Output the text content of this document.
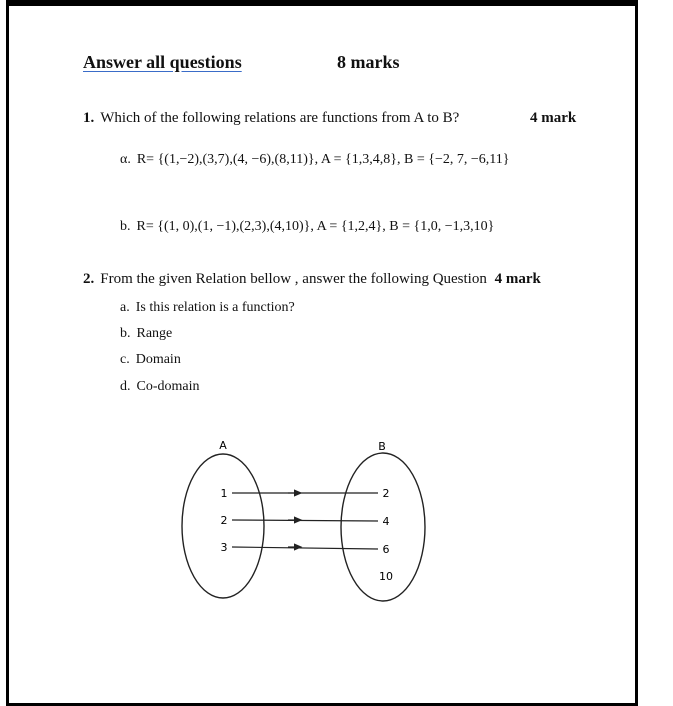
Answer all questions	8 marks
1. Which of the following relations are functions from A to B?	4 mark
α. R= {(1,−2),(3,7),(4, −6),(8,11)}, A = {1,3,4,8}, B = {−2, 7, −6,11}
b. R= {(1, 0),(1, −1),(2,3),(4,10)}, A = {1,2,4}, B = {1,0, −1,3,10}
2. From the given Relation bellow , answer the following Question 4 mark
a. Is this relation is a function?
b. Range
c. Domain
d. Co-domain
A	B
1
2
3
2
4
6
10
